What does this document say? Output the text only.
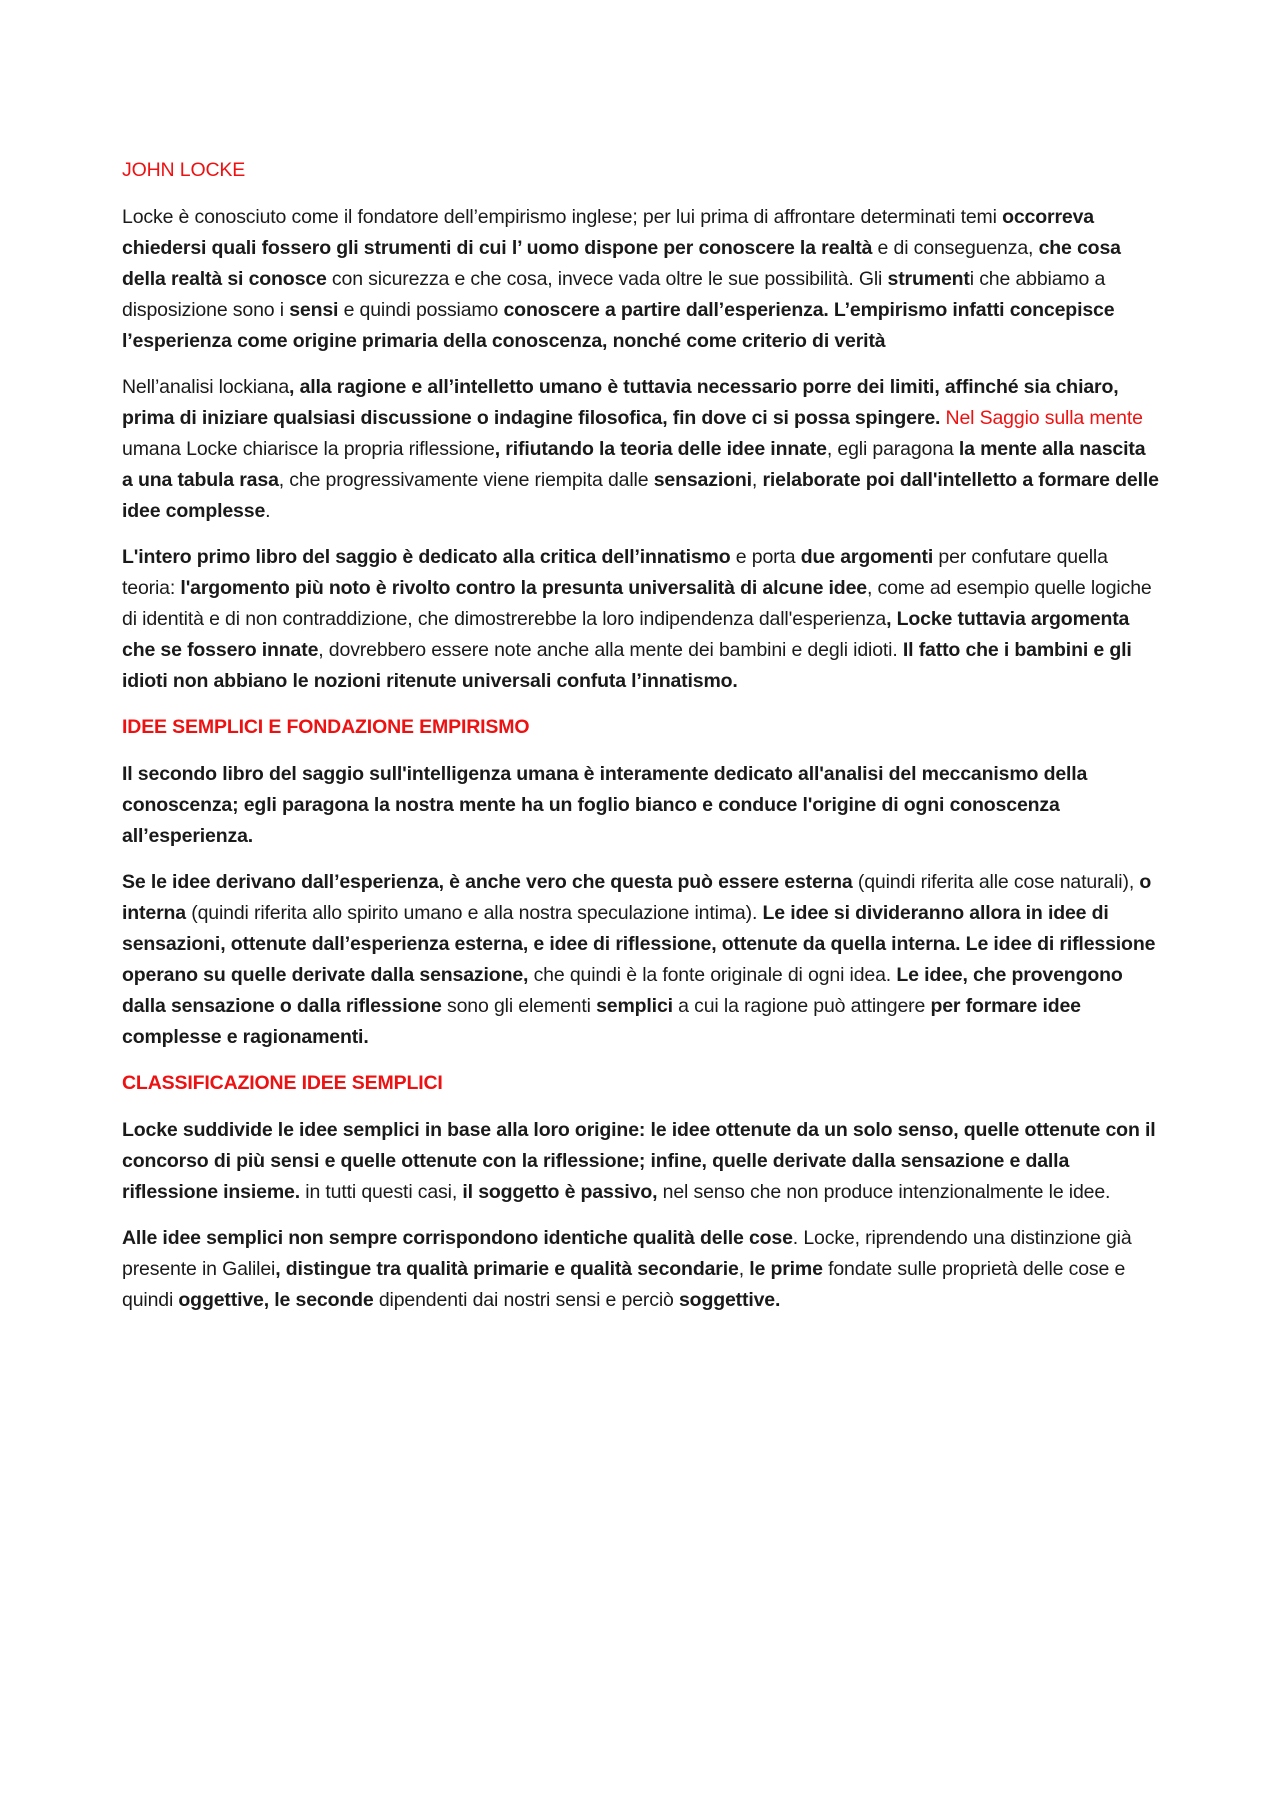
JOHN LOCKE

Locke è conosciuto come il fondatore dell’empirismo inglese; per lui prima di affrontare determinati temi occorreva chiedersi quali fossero gli strumenti di cui l’ uomo dispone per conoscere la realtà e di conseguenza, che cosa della realtà si conosce con sicurezza e che cosa, invece vada oltre le sue possibilità. Gli strumenti che abbiamo a disposizione sono i sensi e quindi possiamo conoscere a partire dall’esperienza. L’empirismo infatti concepisce l’esperienza come origine primaria della conoscenza, nonché come criterio di verità

Nell’analisi lockiana, alla ragione e all’intelletto umano è tuttavia necessario porre dei limiti, affinché sia chiaro, prima di iniziare qualsiasi discussione o indagine filosofica, fin dove ci si possa spingere. Nel Saggio sulla mente umana Locke chiarisce la propria riflessione, rifiutando la teoria delle idee innate, egli paragona la mente alla nascita a una tabula rasa, che progressivamente viene riempita dalle sensazioni, rielaborate poi dall'intelletto a formare delle idee complesse.

L'intero primo libro del saggio è dedicato alla critica dell’innatismo e porta due argomenti per confutare quella teoria: l'argomento più noto è rivolto contro la presunta universalità di alcune idee, come ad esempio quelle logiche di identità e di non contraddizione, che dimostrerebbe la loro indipendenza dall'esperienza, Locke tuttavia argomenta che se fossero innate, dovrebbero essere note anche alla mente dei bambini e degli idioti. Il fatto che i bambini e gli idioti non abbiano le nozioni ritenute universali confuta l’innatismo.

IDEE SEMPLICI E FONDAZIONE EMPIRISMO

Il secondo libro del saggio sull'intelligenza umana è interamente dedicato all'analisi del meccanismo della conoscenza; egli paragona la nostra mente ha un foglio bianco e conduce l'origine di ogni conoscenza all’esperienza.

Se le idee derivano dall’esperienza, è anche vero che questa può essere esterna (quindi riferita alle cose naturali), o interna (quindi riferita allo spirito umano e alla nostra speculazione intima). Le idee si divideranno allora in idee di sensazioni, ottenute dall’esperienza esterna, e idee di riflessione, ottenute da quella interna. Le idee di riflessione operano su quelle derivate dalla sensazione, che quindi è la fonte originale di ogni idea. Le idee, che provengono dalla sensazione o dalla riflessione sono gli elementi semplici a cui la ragione può attingere per formare idee complesse e ragionamenti.

CLASSIFICAZIONE IDEE SEMPLICI

Locke suddivide le idee semplici in base alla loro origine: le idee ottenute da un solo senso, quelle ottenute con il concorso di più sensi e quelle ottenute con la riflessione; infine, quelle derivate dalla sensazione e dalla riflessione insieme. in tutti questi casi, il soggetto è passivo, nel senso che non produce intenzionalmente le idee.

Alle idee semplici non sempre corrispondono identiche qualità delle cose. Locke, riprendendo una distinzione già presente in Galilei, distingue tra qualità primarie e qualità secondarie, le prime fondate sulle proprietà delle cose e quindi oggettive, le seconde dipendenti dai nostri sensi e perciò soggettive.
